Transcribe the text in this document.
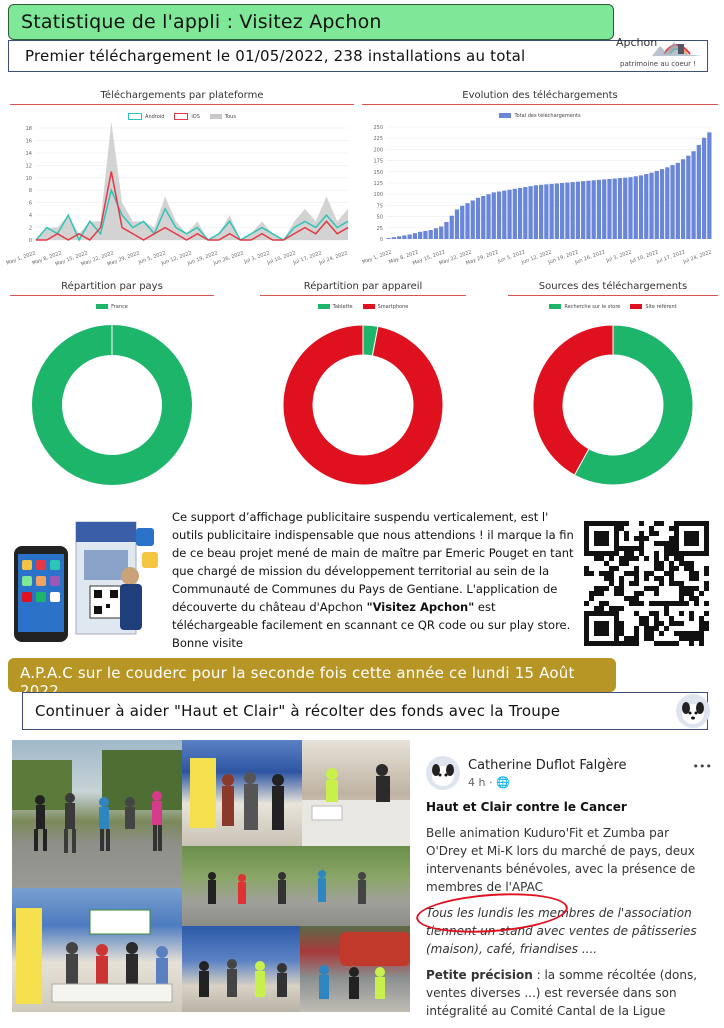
Statistique de l'appli : Visitez Apchon
Premier téléchargement le 01/05/2022, 238 installations au total
Apchon
patrimoine au coeur !
Téléchargements par plateforme
Android	iOS	Tous
0
2
4
6
8
10
12
14
16
18
May 1, 2022
May 8, 2022
May 15, 2022
May 22, 2022
May 29, 2022
Jun 5, 2022
Jun 12, 2022
Jun 19, 2022
Jun 26, 2022
Jul 3, 2022
Jul 10, 2022
Jul 17, 2022
Jul 24, 2022
Evolution des téléchargements
Total des téléchargements
0
25
50
75
100
125
150
175
200
225
250
May 1, 2022
May 8, 2022
May 15, 2022
May 22, 2022
May 29, 2022
Jun 5, 2022
Jun 12, 2022
Jun 19, 2022
Jun 26, 2022 Jul 3, 2022
Jul 10, 2022
Jul 17, 2022
Jul 24, 2022
Répartition par pays
France
Répartition par appareil
Tablette	Smartphone
Sources des téléchargements
Recherche sur le store	Site référent
Ce support d’affichage publicitaire suspendu verticalement, est l'
outils publicitaire indispensable que nous attendions ! il marque la fin
de ce beau projet mené de main de maître par Emeric Pouget en tant
que chargé de mission du développement territorial au sein de la
Communauté de Communes du Pays de Gentiane. L'application de
découverte du château d'Apchon "Visitez Apchon" est
téléchargeable facilement en scannant ce QR code ou sur play store.
Bonne visite
A.P.A.C sur le couderc pour la seconde fois cette année ce lundi 15 Août 2022
Continuer à aider "Haut et Clair" à récolter des fonds avec la Troupe
Catherine Duflot Falgère
4 h · 🌐
•••
Haut et Clair contre le Cancer
Belle animation Kuduro'Fit et Zumba par O'Drey et Mi-K lors du marché de pays, deux intervenants bénévoles, avec la présence de membres de l'APAC
Tous les lundis les membres de l'association tiennent un stand avec ventes de pâtisseries (maison), café, friandises ....
Petite précision : la somme récoltée (dons, ventes diverses ...) est reversée dans son intégralité au Comité Cantal de la Ligue
